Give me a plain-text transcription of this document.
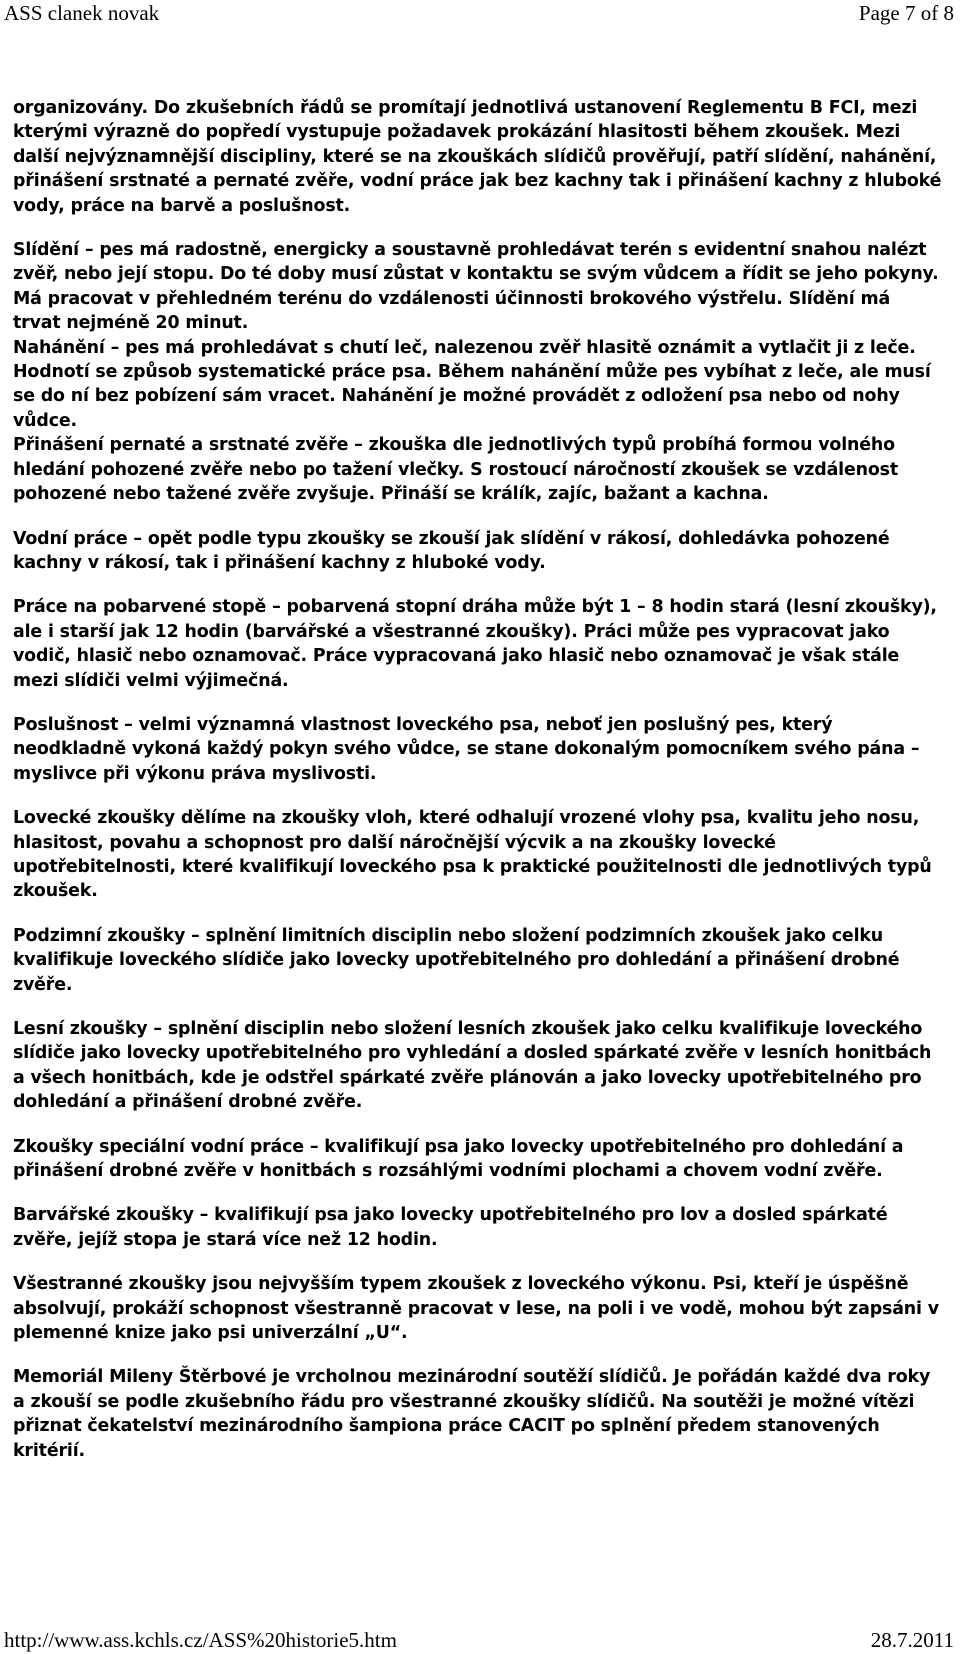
ASS clanek novak	Page 7 of 8

organizovány. Do zkušebních řádů se promítají jednotlivá ustanovení Reglementu B FCI, mezi kterými výrazně do popředí vystupuje požadavek prokázání hlasitosti během zkoušek. Mezi další nejvýznamnější discipliny, které se na zkouškách slídičů prověřují, patří slídění, nahánění, přinášení srstnaté a pernaté zvěře, vodní práce jak bez kachny tak i přinášení kachny z hluboké vody, práce na barvě a poslušnost.

Slídění – pes má radostně, energicky a soustavně prohledávat terén s evidentní snahou nalézt zvěř, nebo její stopu. Do té doby musí zůstat v kontaktu se svým vůdcem a řídit se jeho pokyny. Má pracovat v přehledném terénu do vzdálenosti účinnosti brokového výstřelu. Slídění má trvat nejméně 20 minut.

Nahánění – pes má prohledávat s chutí leč, nalezenou zvěř hlasitě oznámit a vytlačit ji z leče. Hodnotí se způsob systematické práce psa. Během nahánění může pes vybíhat z leče, ale musí se do ní bez pobízení sám vracet. Nahánění je možné provádět z odložení psa nebo od nohy vůdce.

Přinášení pernaté a srstnaté zvěře – zkouška dle jednotlivých typů probíhá formou volného hledání pohozené zvěře nebo po tažení vlečky. S rostoucí náročností zkoušek se vzdálenost pohozené nebo tažené zvěře zvyšuje. Přináší se králík, zajíc, bažant a kachna.

Vodní práce – opět podle typu zkoušky se zkouší jak slídění v rákosí, dohledávka pohozené kachny v rákosí, tak i přinášení kachny z hluboké vody.

Práce na pobarvené stopě – pobarvená stopní dráha může být 1 – 8 hodin stará (lesní zkoušky), ale i starší jak 12 hodin (barvářské a všestranné zkoušky). Práci může pes vypracovat jako vodič, hlasič nebo oznamovač. Práce vypracovaná jako hlasič nebo oznamovač je však stále mezi slídiči velmi výjimečná.

Poslušnost – velmi významná vlastnost loveckého psa, neboť jen poslušný pes, který neodkladně vykoná každý pokyn svého vůdce, se stane dokonalým pomocníkem svého pána – myslivce při výkonu práva myslivosti.

Lovecké zkoušky dělíme na zkoušky vloh, které odhalují vrozené vlohy psa, kvalitu jeho nosu, hlasitost, povahu a schopnost pro další náročnější výcvik a na zkoušky lovecké upotřebitelnosti, které kvalifikují loveckého psa k praktické použitelnosti dle jednotlivých typů zkoušek.

Podzimní zkoušky – splnění limitních disciplin nebo složení podzimních zkoušek jako celku kvalifikuje loveckého slídiče jako lovecky upotřebitelného pro dohledání a přinášení drobné zvěře.

Lesní zkoušky – splnění disciplin nebo složení lesních zkoušek jako celku kvalifikuje loveckého slídiče jako lovecky upotřebitelného pro vyhledání a dosled spárkaté zvěře v lesních honitbách a všech honitbách, kde je odstřel spárkaté zvěře plánován a jako lovecky upotřebitelného pro dohledání a přinášení drobné zvěře.

Zkoušky speciální vodní práce – kvalifikují psa jako lovecky upotřebitelného pro dohledání a přinášení drobné zvěře v honitbách s rozsáhlými vodními plochami a chovem vodní zvěře.

Barvářské zkoušky – kvalifikují psa jako lovecky upotřebitelného pro lov a dosled spárkaté zvěře, jejíž stopa je stará více než 12 hodin.

Všestranné zkoušky jsou nejvyšším typem zkoušek z loveckého výkonu. Psi, kteří je úspěšně absolvují, prokáží schopnost všestranně pracovat v lese, na poli i ve vodě, mohou být zapsáni v plemenné knize jako psi univerzální „U“.

Memoriál Mileny Štěrbové je vrcholnou mezinárodní soutěží slídičů. Je pořádán každé dva roky a zkouší se podle zkušebního řádu pro všestranné zkoušky slídičů. Na soutěži je možné vítězi přiznat čekatelství mezinárodního šampiona práce CACIT po splnění předem stanovených kritérií.

http://www.ass.kchls.cz/ASS%20historie5.htm	28.7.2011
